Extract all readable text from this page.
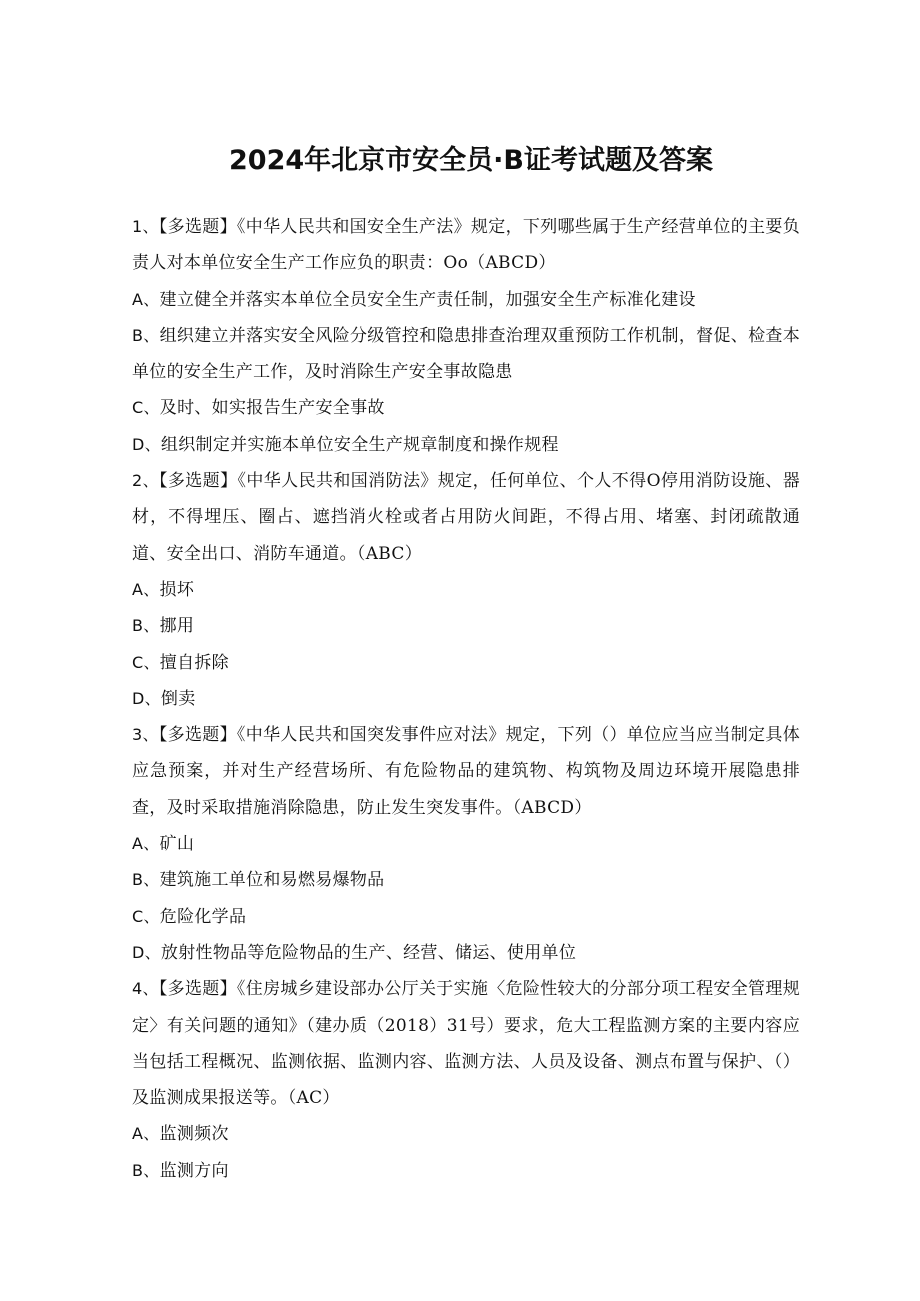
2024年北京市安全员·B证考试题及答案

1、【多选题】《中华人民共和国安全生产法》规定，下列哪些属于生产经营单位的主要负责人对本单位安全生产工作应负的职责：Oo（ABCD）

A、建立健全并落实本单位全员安全生产责任制，加强安全生产标准化建设

B、组织建立并落实安全风险分级管控和隐患排查治理双重预防工作机制，督促、检查本单位的安全生产工作，及时消除生产安全事故隐患

C、及时、如实报告生产安全事故

D、组织制定并实施本单位安全生产规章制度和操作规程

2、【多选题】《中华人民共和国消防法》规定，任何单位、个人不得O停用消防设施、器材，不得埋压、圈占、遮挡消火栓或者占用防火间距，不得占用、堵塞、封闭疏散通道、安全出口、消防车通道。（ABC）

A、损坏

B、挪用

C、擅自拆除

D、倒卖

3、【多选题】《中华人民共和国突发事件应对法》规定，下列（）单位应当应当制定具体应急预案，并对生产经营场所、有危险物品的建筑物、构筑物及周边环境开展隐患排查，及时采取措施消除隐患，防止发生突发事件。（ABCD）

A、矿山

B、建筑施工单位和易燃易爆物品

C、危险化学品

D、放射性物品等危险物品的生产、经营、储运、使用单位

4、【多选题】《住房城乡建设部办公厅关于实施〈危险性较大的分部分项工程安全管理规定〉有关问题的通知》（建办质（2018）31号）要求，危大工程监测方案的主要内容应当包括工程概况、监测依据、监测内容、监测方法、人员及设备、测点布置与保护、（）及监测成果报送等。（AC）

A、监测频次

B、监测方向
